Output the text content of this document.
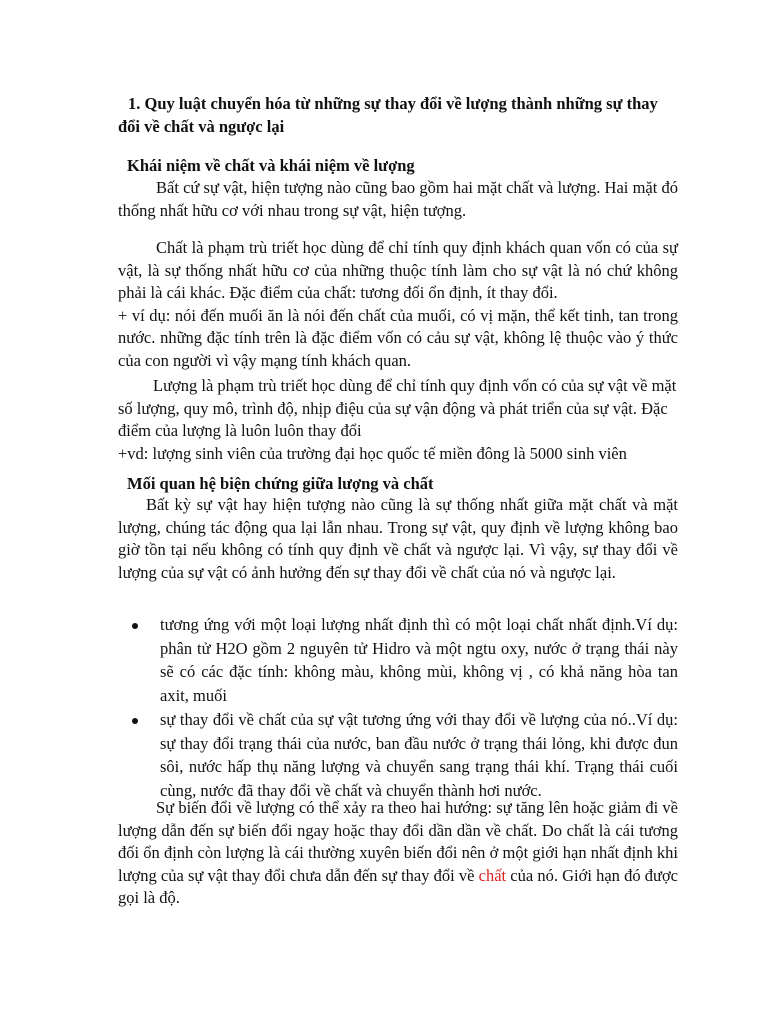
1. Quy luật chuyển hóa từ những sự thay đổi về lượng thành những sự thay đổi về chất và ngược lại
Khái niệm về chất và khái niệm về lượng
Bất cứ sự vật, hiện tượng nào cũng bao gồm hai mặt chất và lượng. Hai mặt đó thống nhất hữu cơ với nhau trong sự vật, hiện tượng.
Chất là phạm trù triết học dùng để chỉ tính quy định khách quan vốn có của sự vật, là sự thống nhất hữu cơ của những thuộc tính làm cho sự vật là nó chứ không phải là cái khác. Đặc điểm của chất: tương đối ổn định, ít thay đổi.
+ ví dụ: nói đến muối ăn là nói đến chất của muối, có vị mặn, thể kết tinh, tan trong nước. những đặc tính trên là đặc điểm vốn có cảu sự vật, không lệ thuộc vào ý thức của con người vì vậy mạng tính khách quan.
Lượng là phạm trù triết học dùng để chỉ tính quy định vốn có của sự vật về mặt số lượng, quy mô, trình độ, nhịp điệu của sự vận động và phát triển của sự vật. Đặc điểm của lượng là luôn luôn thay đổi
+vd: lượng sinh viên của trường đại học quốc tế miền đông là 5000 sinh viên
Mối quan hệ biện chứng giữa lượng và chất
Bất kỳ sự vật hay hiện tượng nào cũng là sự thống nhất giữa mặt chất và mặt lượng, chúng tác động qua lại lẫn nhau. Trong sự vật, quy định về lượng không bao giờ tồn tại nếu không có tính quy định về chất và ngược lại. Vì vậy, sự thay đổi về lượng của sự vật có ảnh hưởng đến sự thay đổi về chất của nó và ngược lại.
tương ứng với một loại lượng nhất định thì có một loại chất nhất định.Ví dụ: phân tử H2O gồm 2 nguyên tử Hidro và một ngtu oxy, nước ở trạng thái này sẽ có các đặc tính: không màu, không mùi, không vị , có khả năng hòa tan axit, muối
sự thay đổi về chất của sự vật tương ứng với thay đổi về lượng của nó..Ví dụ: sự thay đổi trạng thái của nước, ban đầu nước ở trạng thái lỏng, khi được đun sôi, nước hấp thụ năng lượng và chuyển sang trạng thái khí. Trạng thái cuối cùng, nước đã thay đổi về chất và chuyển thành hơi nước.
Sự biến đổi về lượng có thể xảy ra theo hai hướng: sự tăng lên hoặc giảm đi về lượng dẫn đến sự biến đổi ngay hoặc thay đổi dần dần về chất. Do chất là cái tương đối ổn định còn lượng là cái thường xuyên biến đổi nên ở một giới hạn nhất định khi lượng của sự vật thay đổi chưa dẫn đến sự thay đổi về chất của nó. Giới hạn đó được gọi là độ.
